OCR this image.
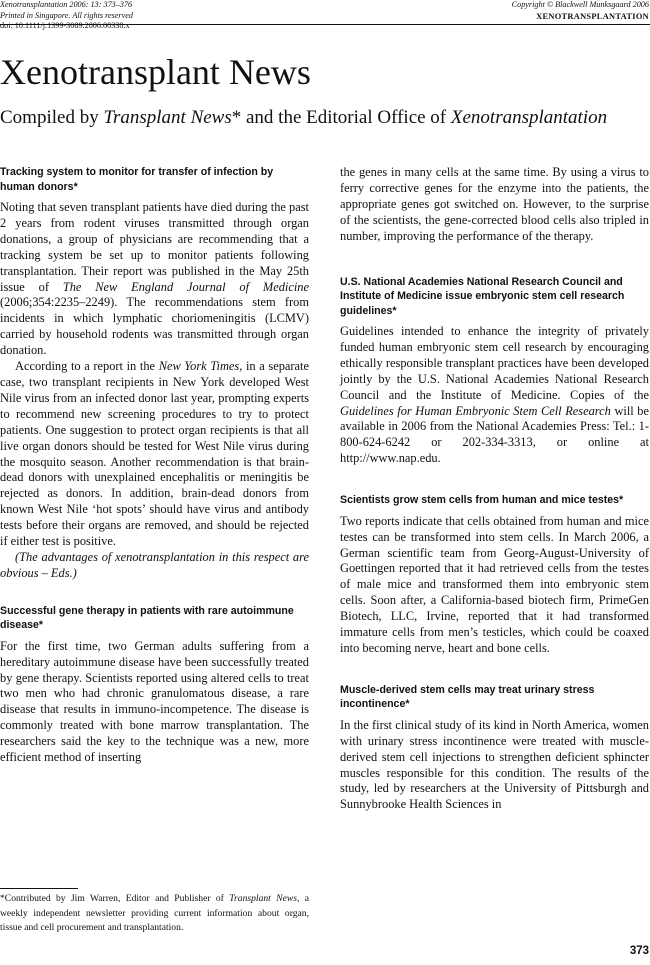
Xenotransplantation 2006: 13: 373–376
Printed in Singapore. All rights reserved
doi: 10.1111/j.1399-3089.2006.00338.x
Copyright © Blackwell Munksgaard 2006
XENOTRANSPLANTATION
Xenotransplant News

Compiled by Transplant News* and the Editorial Office of Xenotransplantation

Tracking system to monitor for transfer of infection by human donors*

Noting that seven transplant patients have died during the past 2 years from rodent viruses transmitted through organ donations, a group of physicians are recommending that a tracking system be set up to monitor patients following transplantation. Their report was published in the May 25th issue of The New England Journal of Medicine (2006;354:2235–2249). The recommendations stem from incidents in which lymphatic choriomeningitis (LCMV) carried by household rodents was transmitted through organ donation.

According to a report in the New York Times, in a separate case, two transplant recipients in New York developed West Nile virus from an infected donor last year, prompting experts to recommend new screening procedures to try to protect patients. One suggestion to protect organ recipients is that all live organ donors should be tested for West Nile virus during the mosquito season. Another recommendation is that brain-dead donors with unexplained encephalitis or meningitis be rejected as donors. In addition, brain-dead donors from known West Nile ‘hot spots’ should have virus and antibody tests before their organs are removed, and should be rejected if either test is positive.

(The advantages of xenotransplantation in this respect are obvious – Eds.)

Successful gene therapy in patients with rare autoimmune disease*

For the first time, two German adults suffering from a hereditary autoimmune disease have been successfully treated by gene therapy. Scientists reported using altered cells to treat two men who had chronic granulomatous disease, a rare disease that results in immuno-incompetence. The disease is commonly treated with bone marrow transplantation. The researchers said the key to the technique was a new, more efficient method of inserting

the genes in many cells at the same time. By using a virus to ferry corrective genes for the enzyme into the patients, the appropriate genes got switched on. However, to the surprise of the scientists, the gene-corrected blood cells also tripled in number, improving the performance of the therapy.

U.S. National Academies National Research Council and Institute of Medicine issue embryonic stem cell research guidelines*

Guidelines intended to enhance the integrity of privately funded human embryonic stem cell research by encouraging ethically responsible transplant practices have been developed jointly by the U.S. National Academies National Research Council and the Institute of Medicine. Copies of the Guidelines for Human Embryonic Stem Cell Research will be available in 2006 from the National Academies Press: Tel.: 1-800-624-6242 or 202-334-3313, or online at http://www.nap.edu.

Scientists grow stem cells from human and mice testes*

Two reports indicate that cells obtained from human and mice testes can be transformed into stem cells. In March 2006, a German scientific team from Georg-August-University of Goettingen reported that it had retrieved cells from the testes of male mice and transformed them into embryonic stem cells. Soon after, a California-based biotech firm, PrimeGen Biotech, LLC, Irvine, reported that it had transformed immature cells from men’s testicles, which could be coaxed into becoming nerve, heart and bone cells.

Muscle-derived stem cells may treat urinary stress incontinence*

In the first clinical study of its kind in North America, women with urinary stress incontinence were treated with muscle-derived stem cell injections to strengthen deficient sphincter muscles responsible for this condition. The results of the study, led by researchers at the University of Pittsburgh and Sunnybrooke Health Sciences in

*Contributed by Jim Warren, Editor and Publisher of Transplant News, a weekly independent newsletter providing current information about organ, tissue and cell procurement and transplantation.
373
